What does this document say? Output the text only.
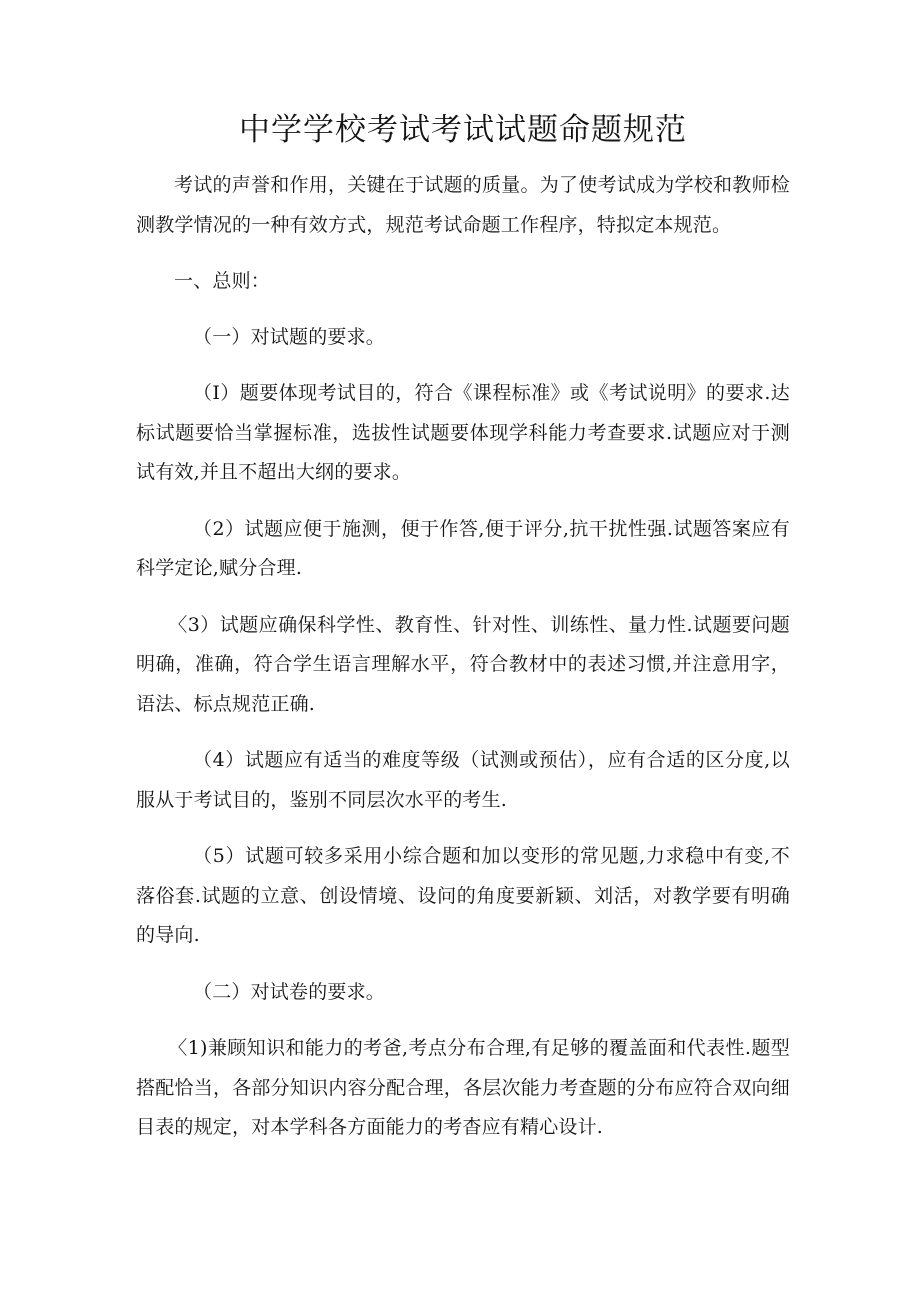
中学学校考试考试试题命题规范

考试的声誉和作用，关键在于试题的质量。为了使考试成为学校和教师检测教学情况的一种有效方式，规范考试命题工作程序，特拟定本规范。

一、总则：

（一）对试题的要求。

（I）题要体现考试目的，符合《课程标准》或《考试说明》的要求.达标试题要恰当掌握标准，选拔性试题要体现学科能力考查要求.试题应对于测试有效,并且不超出大纲的要求。

（2）试题应便于施测，便于作答,便于评分,抗干扰性强.试题答案应有科学定论,赋分合理.

〈3）试题应确保科学性、教育性、针对性、训练性、量力性.试题要问题明确，准确，符合学生语言理解水平，符合教材中的表述习惯,并注意用字，语法、标点规范正确.

（4）试题应有适当的难度等级（试测或预估），应有合适的区分度,以服从于考试目的，鉴别不同层次水平的考生.

（5）试题可较多采用小综合题和加以变形的常见题,力求稳中有变,不落俗套.试题的立意、创设情境、设问的角度要新颖、刘活，对教学要有明确的导向.

（二）对试卷的要求。

〈1)兼顾知识和能力的考爸,考点分布合理,有足够的覆盖面和代表性.题型搭配恰当，各部分知识内容分配合理，各层次能力考查题的分布应符合双向细目表的规定，对本学科各方面能力的考杳应有精心设计.
